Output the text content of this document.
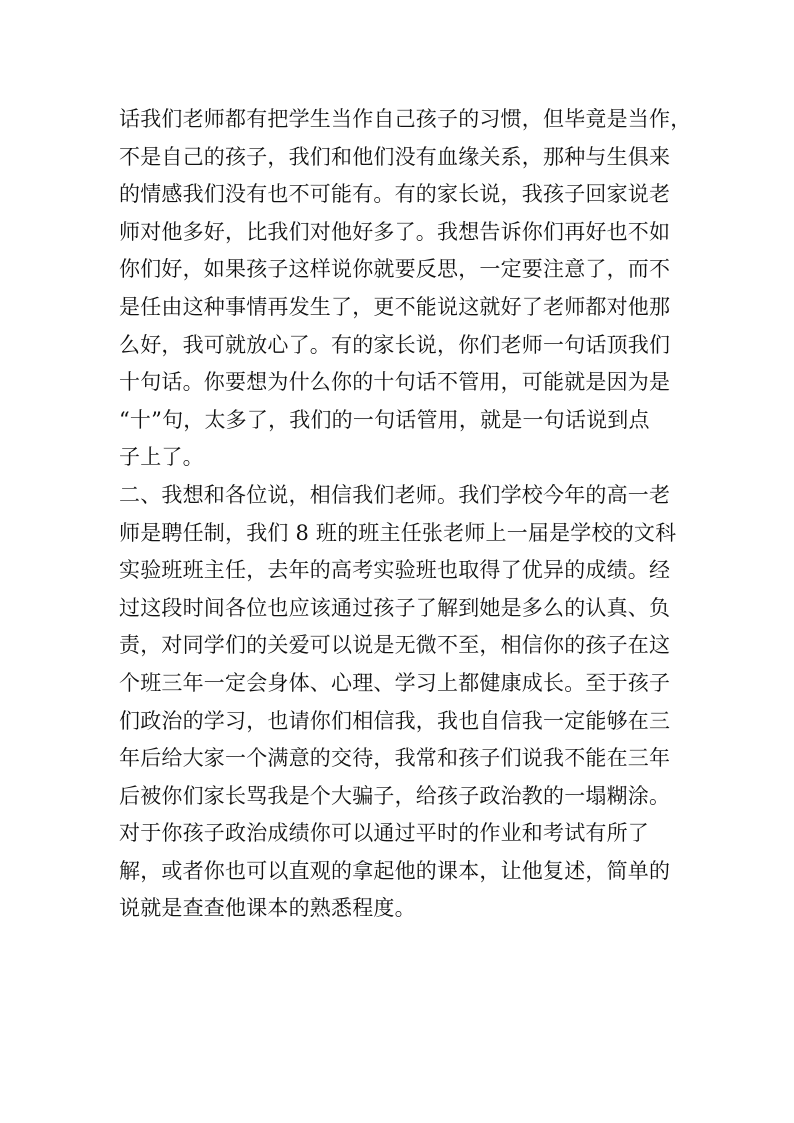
话我们老师都有把学生当作自己孩子的习惯，但毕竟是当作，
不是自己的孩子，我们和他们没有血缘关系，那种与生俱来
的情感我们没有也不可能有。有的家长说，我孩子回家说老
师对他多好，比我们对他好多了。我想告诉你们再好也不如
你们好，如果孩子这样说你就要反思，一定要注意了，而不
是任由这种事情再发生了，更不能说这就好了老师都对他那
么好，我可就放心了。有的家长说，你们老师一句话顶我们
十句话。你要想为什么你的十句话不管用，可能就是因为是
“十”句，太多了，我们的一句话管用，就是一句话说到点
子上了。
二、我想和各位说，相信我们老师。我们学校今年的高一老
师是聘任制，我们 8 班的班主任张老师上一届是学校的文科
实验班班主任，去年的高考实验班也取得了优异的成绩。经
过这段时间各位也应该通过孩子了解到她是多么的认真、负
责，对同学们的关爱可以说是无微不至，相信你的孩子在这
个班三年一定会身体、心理、学习上都健康成长。至于孩子
们政治的学习，也请你们相信我，我也自信我一定能够在三
年后给大家一个满意的交待，我常和孩子们说我不能在三年
后被你们家长骂我是个大骗子，给孩子政治教的一塌糊涂。
对于你孩子政治成绩你可以通过平时的作业和考试有所了
解，或者你也可以直观的拿起他的课本，让他复述，简单的
说就是查查他课本的熟悉程度。
